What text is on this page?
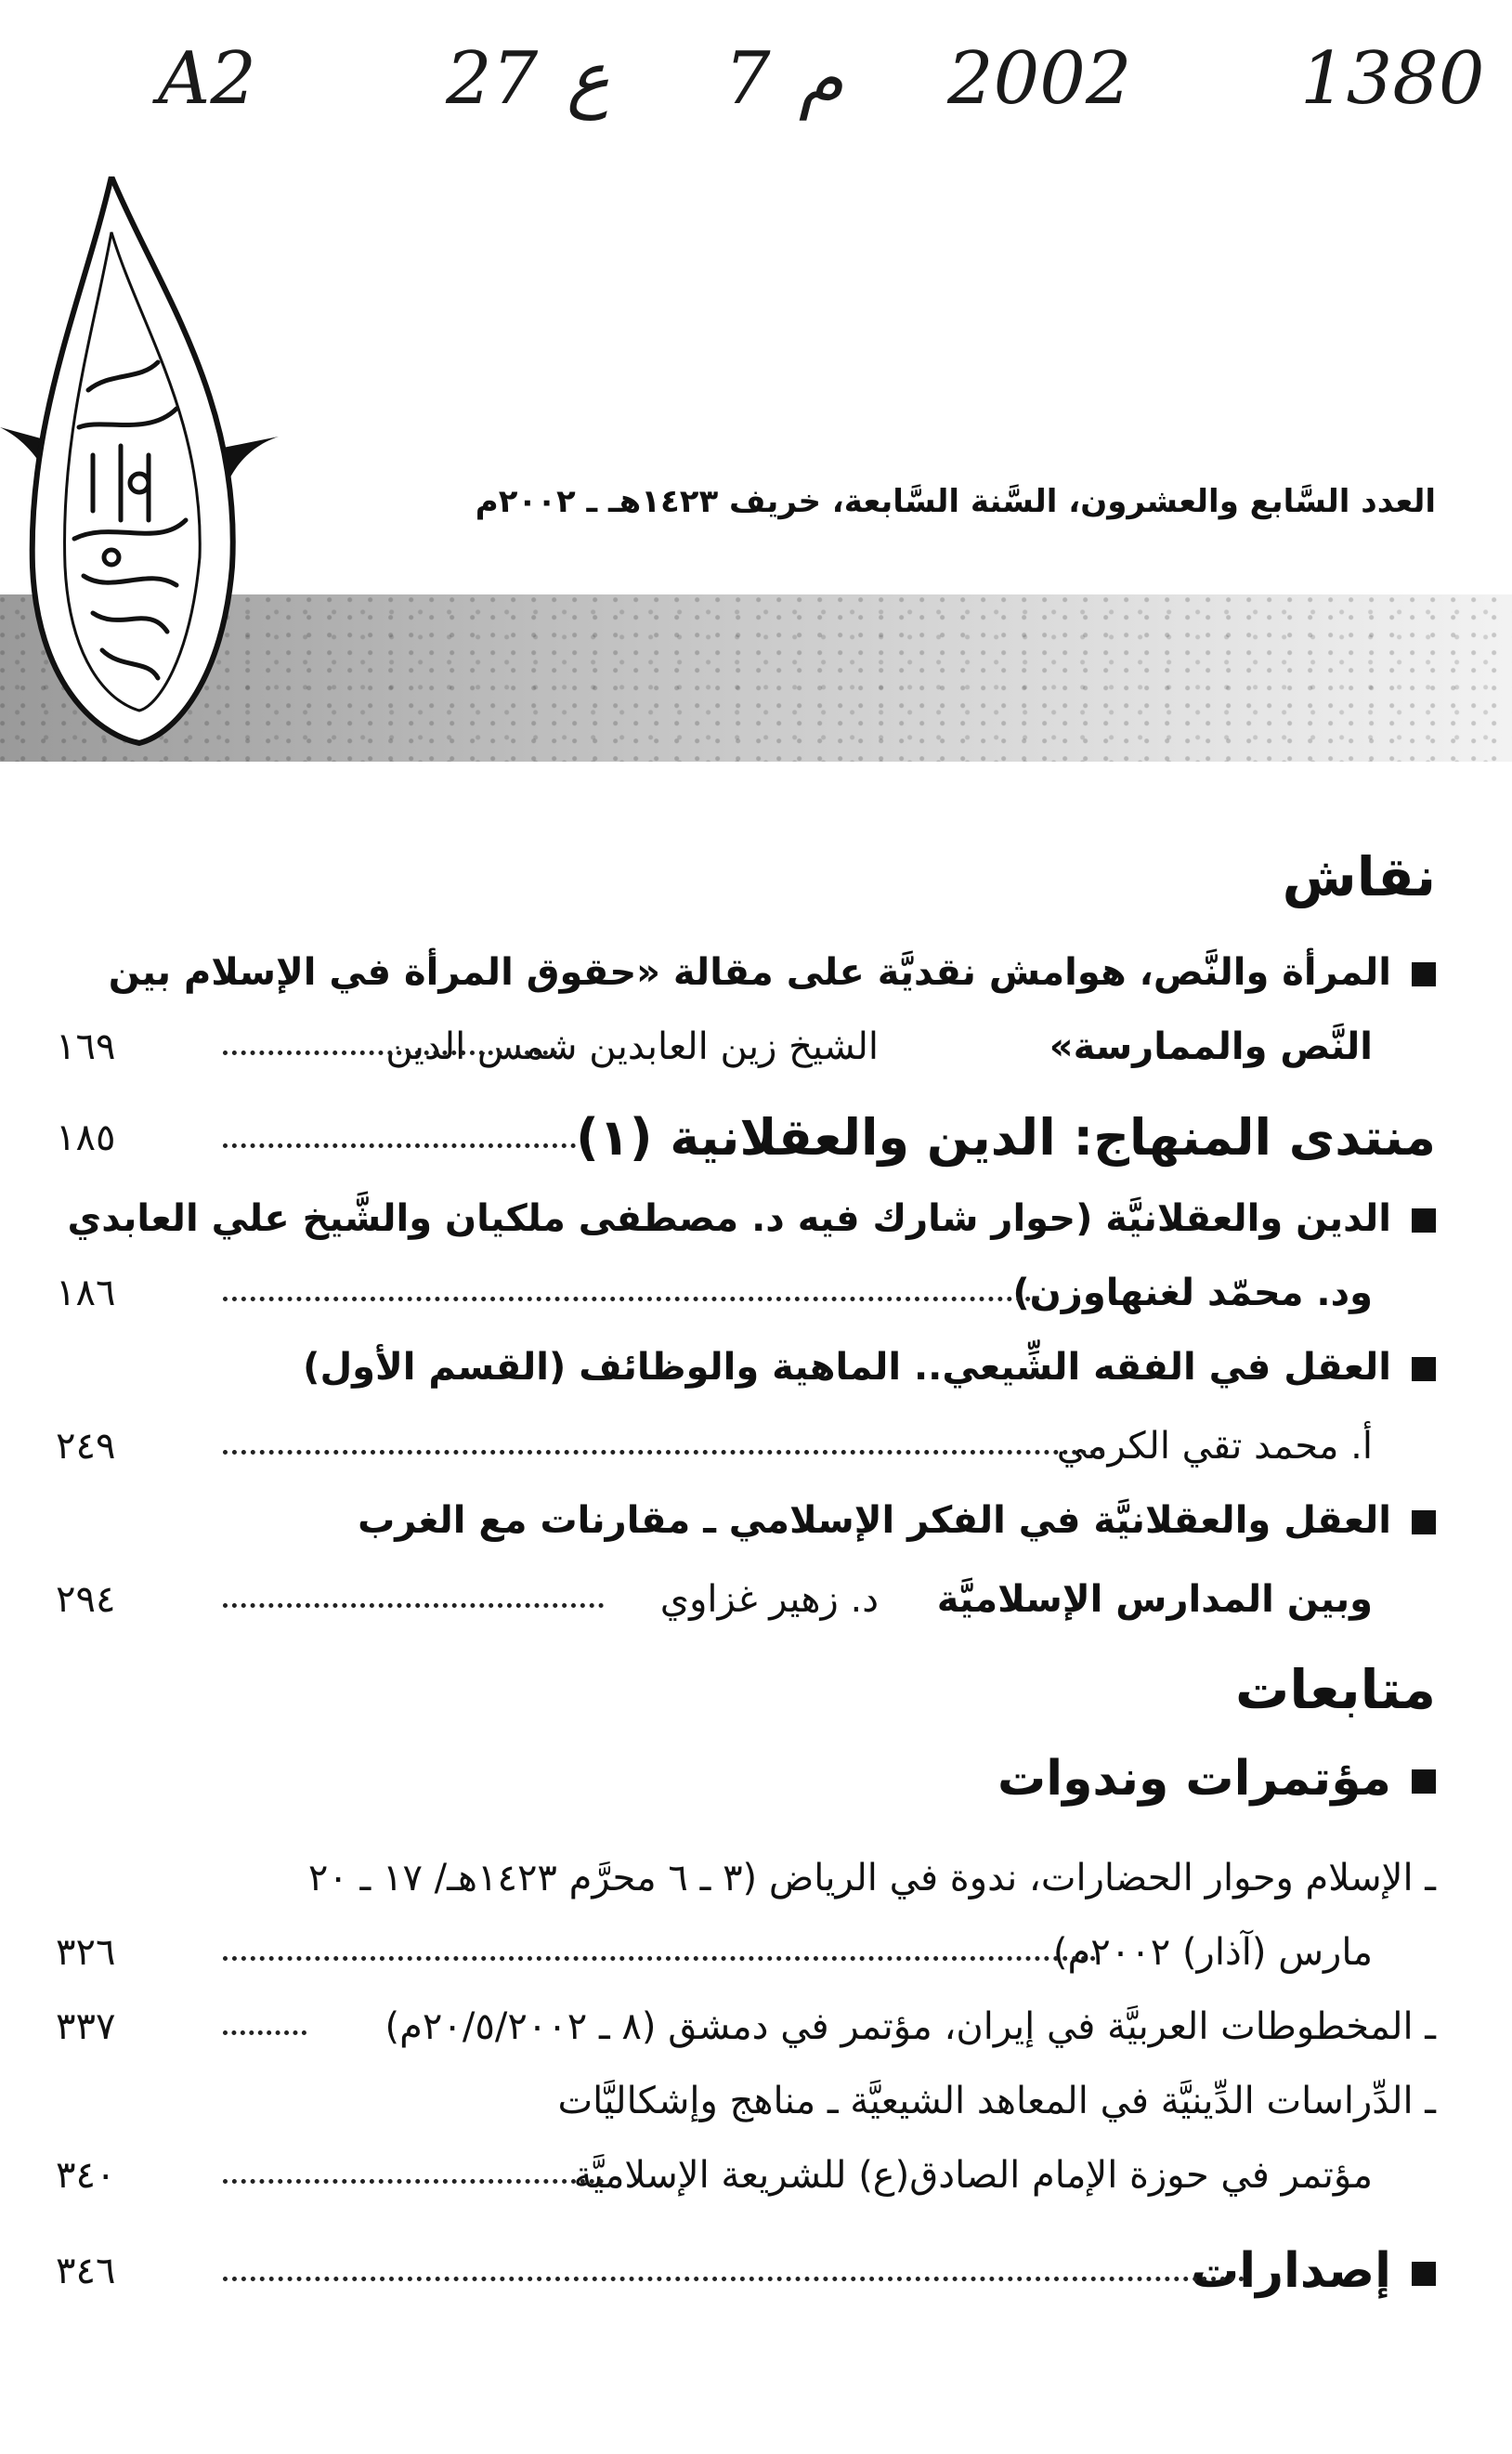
A2	27 ع 7 م 2002 1380
العدد السَّابع والعشرون، السَّنة السَّابعة، خريف ١٤٢٣هـ ـ ٢٠٠٢م
نقاش
المرأة والنَّص، هوامش نقديَّة على مقالة «حقوق المرأة في الإسلام بين
النَّص والممارسة»
الشيخ زين العابدين شمس الدين
١٦٩
منتدى المنهاج: الدين والعقلانية (١)
١٨٥
الدين والعقلانيَّة (حوار شارك فيه د. مصطفى ملكيان والشَّيخ علي العابدي
ود. محمّد لغنهاوزن)
١٨٦
العقل في الفقه الشِّيعي.. الماهية والوظائف (القسم الأول)
أ. محمد تقي الكرمي
٢٤٩
العقل والعقلانيَّة في الفكر الإسلامي ـ مقارنات مع الغرب
وبين المدارس الإسلاميَّة
د. زهير غزاوي
٢٩٤
متابعات
مؤتمرات وندوات
ـ الإسلام وحوار الحضارات، ندوة في الرياض (٣ ـ ٦ محرَّم ١٤٢٣هـ/ ١٧ ـ ٢٠
مارس (آذار) ٢٠٠٢م)
٣٢٦
ـ المخطوطات العربيَّة في إيران، مؤتمر في دمشق (٨ ـ ٢٠/٥/٢٠٠٢م)
٣٣٧
ـ الدِّراسات الدِّينيَّة في المعاهد الشيعيَّة ـ مناهج وإشكاليَّات
مؤتمر في حوزة الإمام الصادق(ع) للشريعة الإسلاميَّة
٣٤٠
إصدارات
٣٤٦
